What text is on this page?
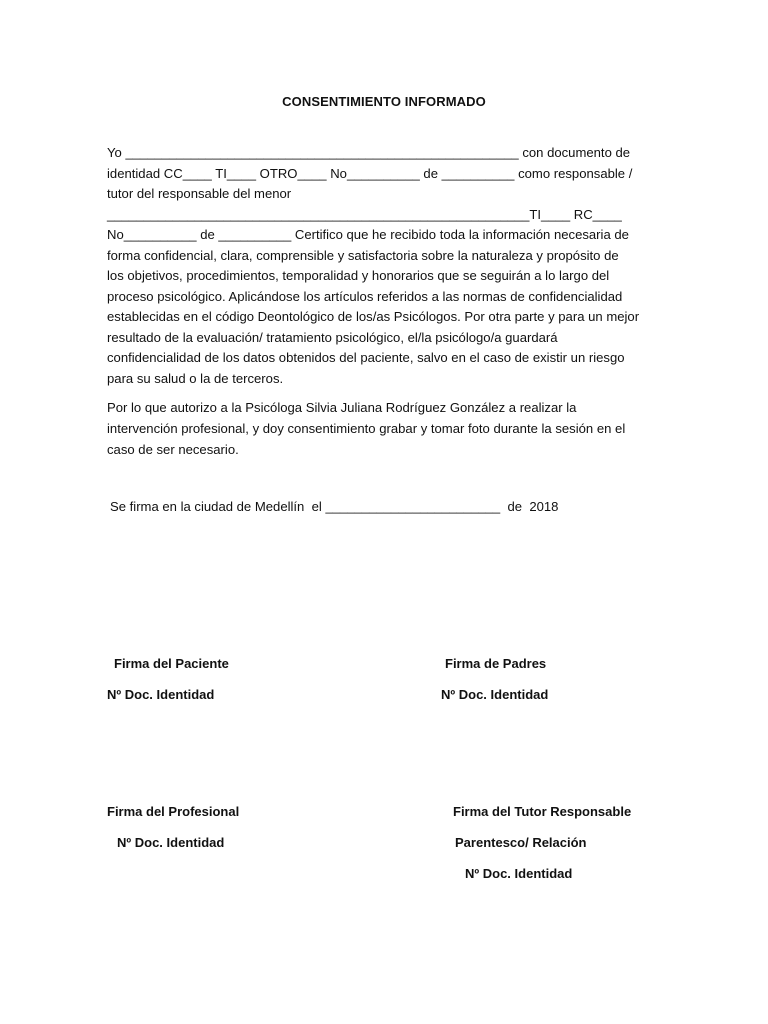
CONSENTIMIENTO INFORMADO
Yo ______________________________________________________ con documento de
identidad CC____ TI____ OTRO____ No__________ de __________ como responsable /
tutor del responsable del menor
__________________________________________________________TI____ RC____
No__________ de __________ Certifico que he recibido toda la información necesaria de
forma confidencial, clara, comprensible y satisfactoria sobre la naturaleza y propósito de
los objetivos, procedimientos, temporalidad y honorarios que se seguirán a lo largo del
proceso psicológico. Aplicándose los artículos referidos a las normas de confidencialidad
establecidas en el código Deontológico de los/as Psicólogos. Por otra parte y para un mejor
resultado de la evaluación/ tratamiento psicológico, el/la psicólogo/a guardará
confidencialidad de los datos obtenidos del paciente, salvo en el caso de existir un riesgo
para su salud o la de terceros.
Por lo que autorizo a la Psicóloga Silvia Juliana Rodríguez González a realizar la
intervención profesional, y doy consentimiento grabar y tomar foto durante la sesión en el
caso de ser necesario.
Se firma en la ciudad de Medellín  el ________________________  de  2018
Firma del Paciente
Nº Doc. Identidad
Firma de Padres
Nº Doc. Identidad
Firma del Profesional
Nº Doc. Identidad
Firma del Tutor Responsable
Parentesco/ Relación
Nº Doc. Identidad
